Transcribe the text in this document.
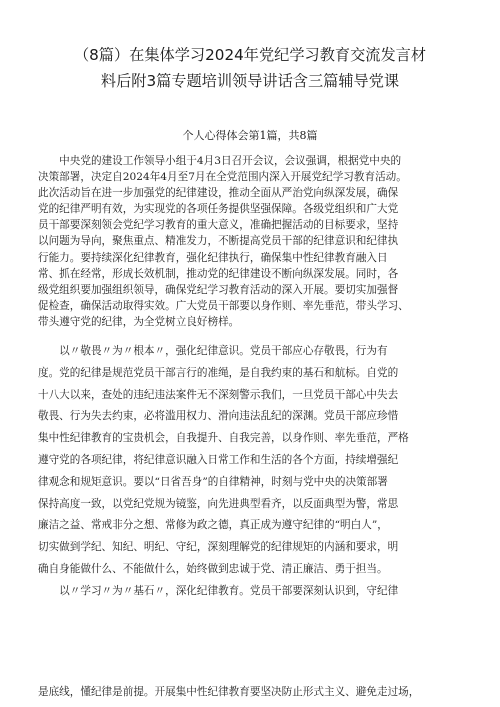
（8篇）在集体学习2024年党纪学习教育交流发言材
料后附3篇专题培训领导讲话含三篇辅导党课
个人心得体会第1篇，共8篇
　　中央党的建设工作领导小组于4月3日召开会议，会议强调，根据党中央的
决策部署，决定自2024年4月至7月在全党范围内深入开展党纪学习教育活动。
此次活动旨在进一步加强党的纪律建设，推动全面从严治党向纵深发展，确保
党的纪律严明有效，为实现党的各项任务提供坚强保障。各级党组织和广大党
员干部要深刻领会党纪学习教育的重大意义，准确把握活动的目标要求，坚持
以问题为导向，聚焦重点、精准发力，不断提高党员干部的纪律意识和纪律执
行能力。要持续深化纪律教育，强化纪律执行，确保集中性纪律教育融入日
常、抓在经常，形成长效机制，推动党的纪律建设不断向纵深发展。同时，各
级党组织要加强组织领导，确保党纪学习教育活动的深入开展。要切实加强督
促检查，确保活动取得实效。广大党员干部要以身作则、率先垂范，带头学习、
带头遵守党的纪律，为全党树立良好榜样。
　　以〃敬畏〃为〃根本〃，强化纪律意识。党员干部应心存敬畏，行为有
度。党的纪律是规范党员干部言行的准绳，是自我约束的基石和航标。自党的
十八大以来，查处的违纪违法案件无不深刻警示我们，一旦党员干部心中失去
敬畏、行为失去约束，必将滥用权力、滑向违法乱纪的深渊。党员干部应珍惜
集中性纪律教育的宝贵机会，自我提升、自我完善，以身作则、率先垂范，严格
遵守党的各项纪律，将纪律意识融入日常工作和生活的各个方面，持续增强纪
律观念和规矩意识。要以“日省吾身”的自律精神，时刻与党中央的决策部署
保持高度一致，以党纪党规为镜鉴，向先进典型看齐，以反面典型为警，常思
廉洁之益、常戒非分之想、常修为政之德，真正成为遵守纪律的“明白人”，
切实做到学纪、知纪、明纪、守纪，深刻理解党的纪律规矩的内涵和要求，明
确自身能做什么、不能做什么，始终做到忠诚于党、清正廉洁、勇于担当。
　　以〃学习〃为〃基石〃，深化纪律教育。党员干部要深刻认识到，守纪律
是底线，懂纪律是前提。开展集中性纪律教育要坚决防止形式主义、避免走过场，
